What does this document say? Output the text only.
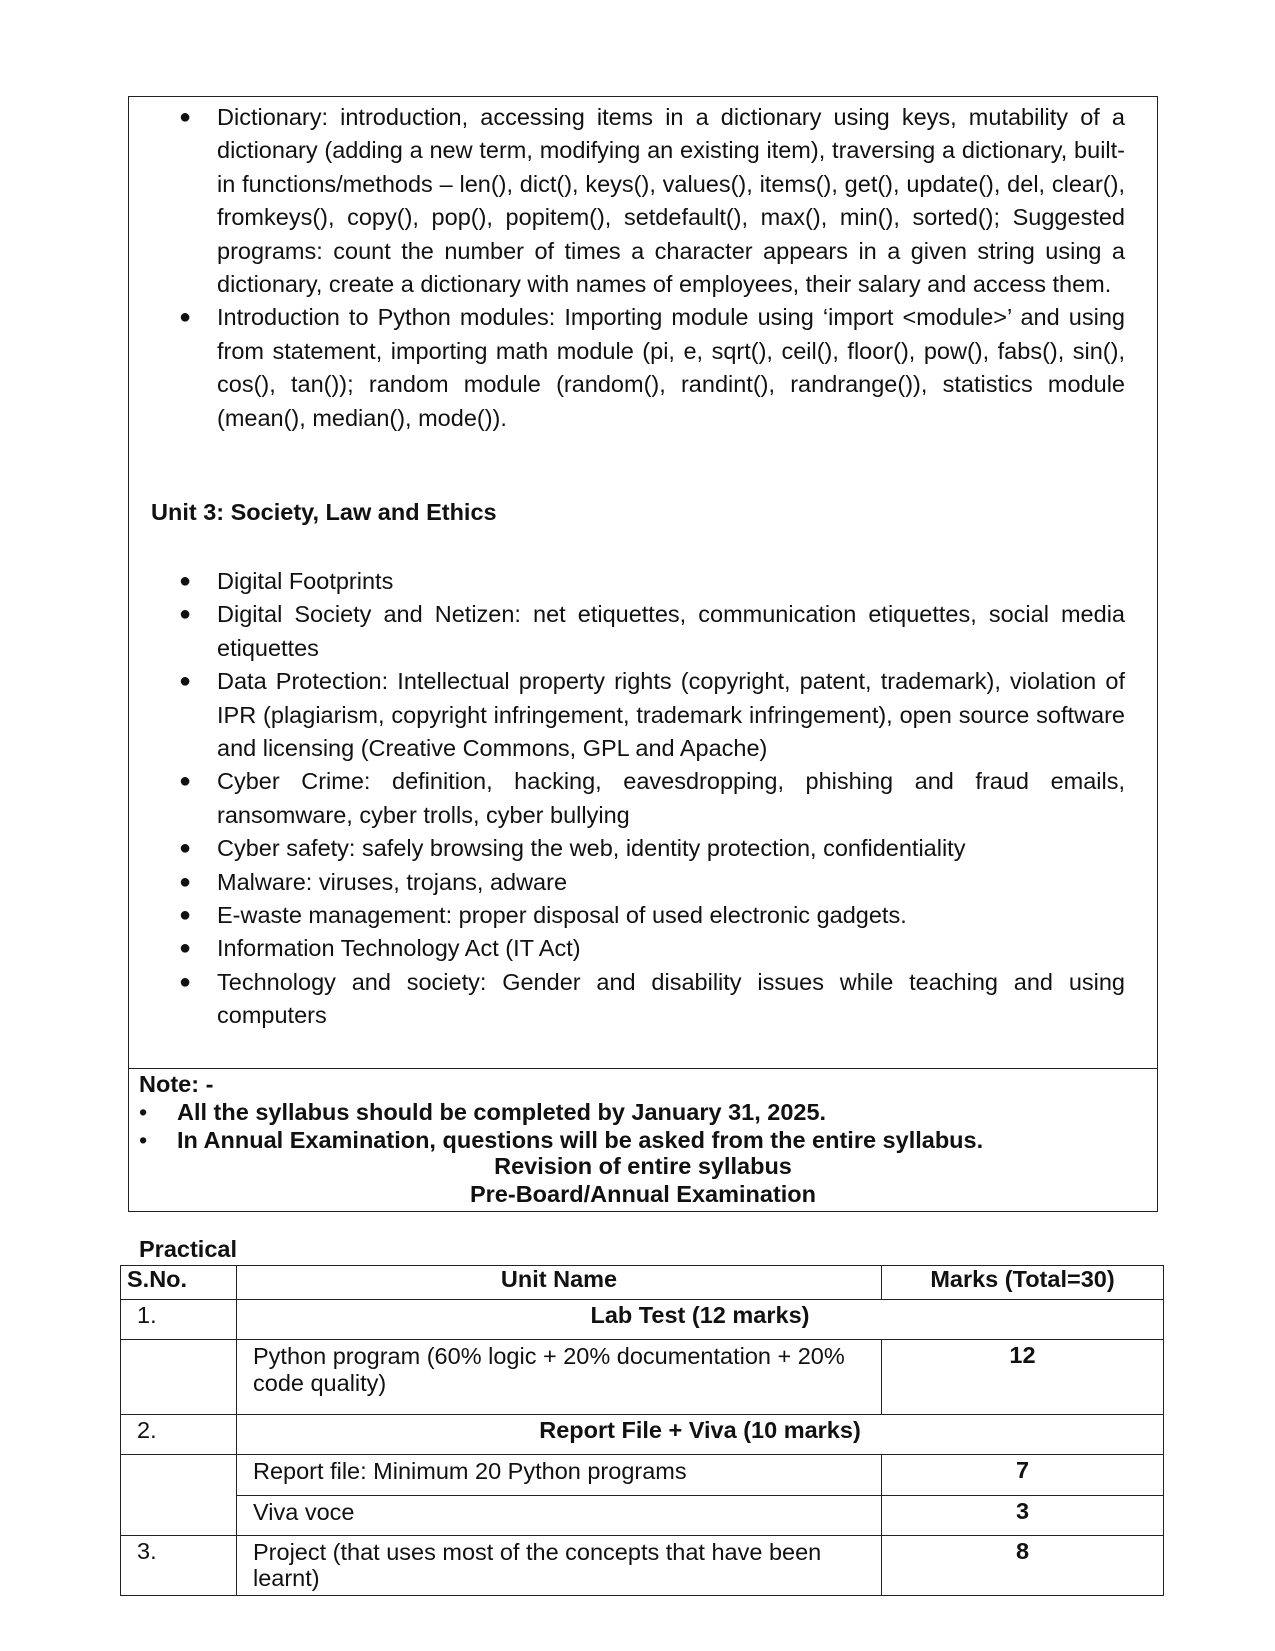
● Dictionary: introduction, accessing items in a dictionary using keys, mutability of a dictionary (adding a new term, modifying an existing item), traversing a dictionary, built-in functions/methods – len(), dict(), keys(), values(), items(), get(), update(), del, clear(), fromkeys(), copy(), pop(), popitem(), setdefault(), max(), min(), sorted(); Suggested programs: count the number of times a character appears in a given string using a dictionary, create a dictionary with names of employees, their salary and access them.
● Introduction to Python modules: Importing module using ‘import <module>’ and using from statement, importing math module (pi, e, sqrt(), ceil(), floor(), pow(), fabs(), sin(), cos(), tan()); random module (random(), randint(), randrange()), statistics module (mean(), median(), mode()).
Unit 3: Society, Law and Ethics
● Digital Footprints
● Digital Society and Netizen: net etiquettes, communication etiquettes, social media etiquettes
● Data Protection: Intellectual property rights (copyright, patent, trademark), violation of IPR (plagiarism, copyright infringement, trademark infringement), open source software and licensing (Creative Commons, GPL and Apache)
● Cyber Crime: definition, hacking, eavesdropping, phishing and fraud emails, ransomware, cyber trolls, cyber bullying
● Cyber safety: safely browsing the web, identity protection, confidentiality
● Malware: viruses, trojans, adware
● E-waste management: proper disposal of used electronic gadgets.
● Information Technology Act (IT Act)
● Technology and society: Gender and disability issues while teaching and using computers
Note: -
• All the syllabus should be completed by January 31, 2025.
• In Annual Examination, questions will be asked from the entire syllabus.
Revision of entire syllabus
Pre-Board/Annual Examination
Practical
S.No.	Unit Name	Marks (Total=30)
1.	Lab Test (12 marks)	
	Python program (60% logic + 20% documentation + 20% code quality)	12
2.	Report File + Viva (10 marks)	
	Report file: Minimum 20 Python programs	7
	Viva voce	3
3.	Project (that uses most of the concepts that have been learnt)	8
